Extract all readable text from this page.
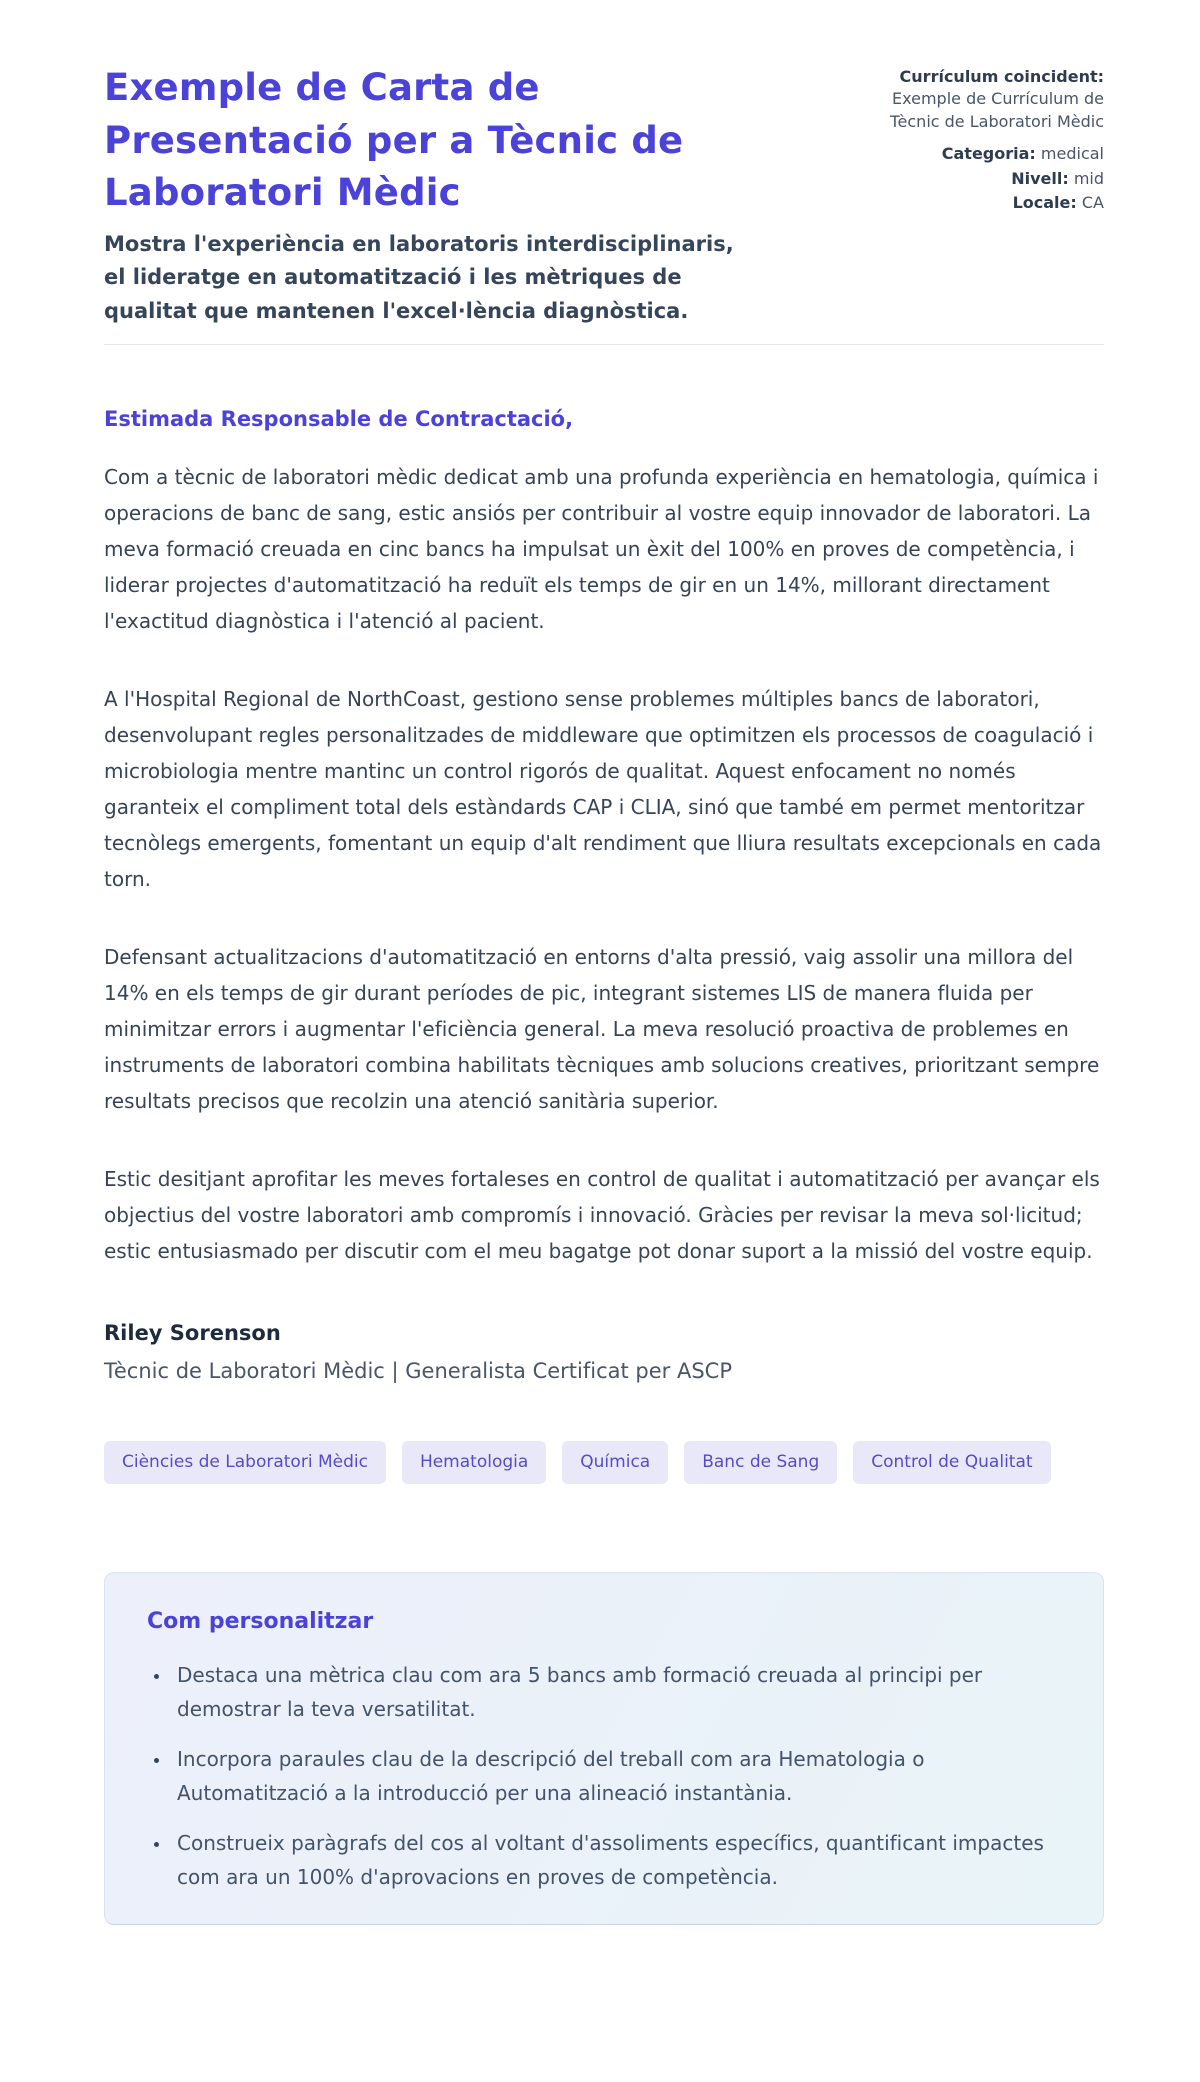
Exemple de Carta de Presentació per a Tècnic de Laboratori Mèdic

Mostra l'experiència en laboratoris interdisciplinaris, el lideratge en automatització i les mètriques de qualitat que mantenen l'excel·lència diagnòstica.

Currículum coincident:
Exemple de Currículum de Tècnic de Laboratori Mèdic
Categoria: medical
Nivell: mid
Locale: CA

Estimada Responsable de Contractació,

Com a tècnic de laboratori mèdic dedicat amb una profunda experiència en hematologia, química i operacions de banc de sang, estic ansiós per contribuir al vostre equip innovador de laboratori. La meva formació creuada en cinc bancs ha impulsat un èxit del 100% en proves de competència, i liderar projectes d'automatització ha reduït els temps de gir en un 14%, millorant directament l'exactitud diagnòstica i l'atenció al pacient.

A l'Hospital Regional de NorthCoast, gestiono sense problemes múltiples bancs de laboratori, desenvolupant regles personalitzades de middleware que optimitzen els processos de coagulació i microbiologia mentre mantinc un control rigorós de qualitat. Aquest enfocament no només garanteix el compliment total dels estàndards CAP i CLIA, sinó que també em permet mentoritzar tecnòlegs emergents, fomentant un equip d'alt rendiment que lliura resultats excepcionals en cada torn.

Defensant actualitzacions d'automatització en entorns d'alta pressió, vaig assolir una millora del 14% en els temps de gir durant períodes de pic, integrant sistemes LIS de manera fluida per minimitzar errors i augmentar l'eficiència general. La meva resolució proactiva de problemes en instruments de laboratori combina habilitats tècniques amb solucions creatives, prioritzant sempre resultats precisos que recolzin una atenció sanitària superior.

Estic desitjant aprofitar les meves fortaleses en control de qualitat i automatització per avançar els objectius del vostre laboratori amb compromís i innovació. Gràcies per revisar la meva sol·licitud; estic entusiasmado per discutir com el meu bagatge pot donar suport a la missió del vostre equip.

Riley Sorenson

Tècnic de Laboratori Mèdic | Generalista Certificat per ASCP

Ciències de Laboratori Mèdic	Hematologia	Química	Banc de Sang	Control de Qualitat
Com personalitzar
• Destaca una mètrica clau com ara 5 bancs amb formació creuada al principi per demostrar la teva versatilitat.
• Incorpora paraules clau de la descripció del treball com ara Hematologia o Automatització a la introducció per una alineació instantània.
• Construeix paràgrafs del cos al voltant d'assoliments específics, quantificant impactes com ara un 100% d'aprovacions en proves de competència.
